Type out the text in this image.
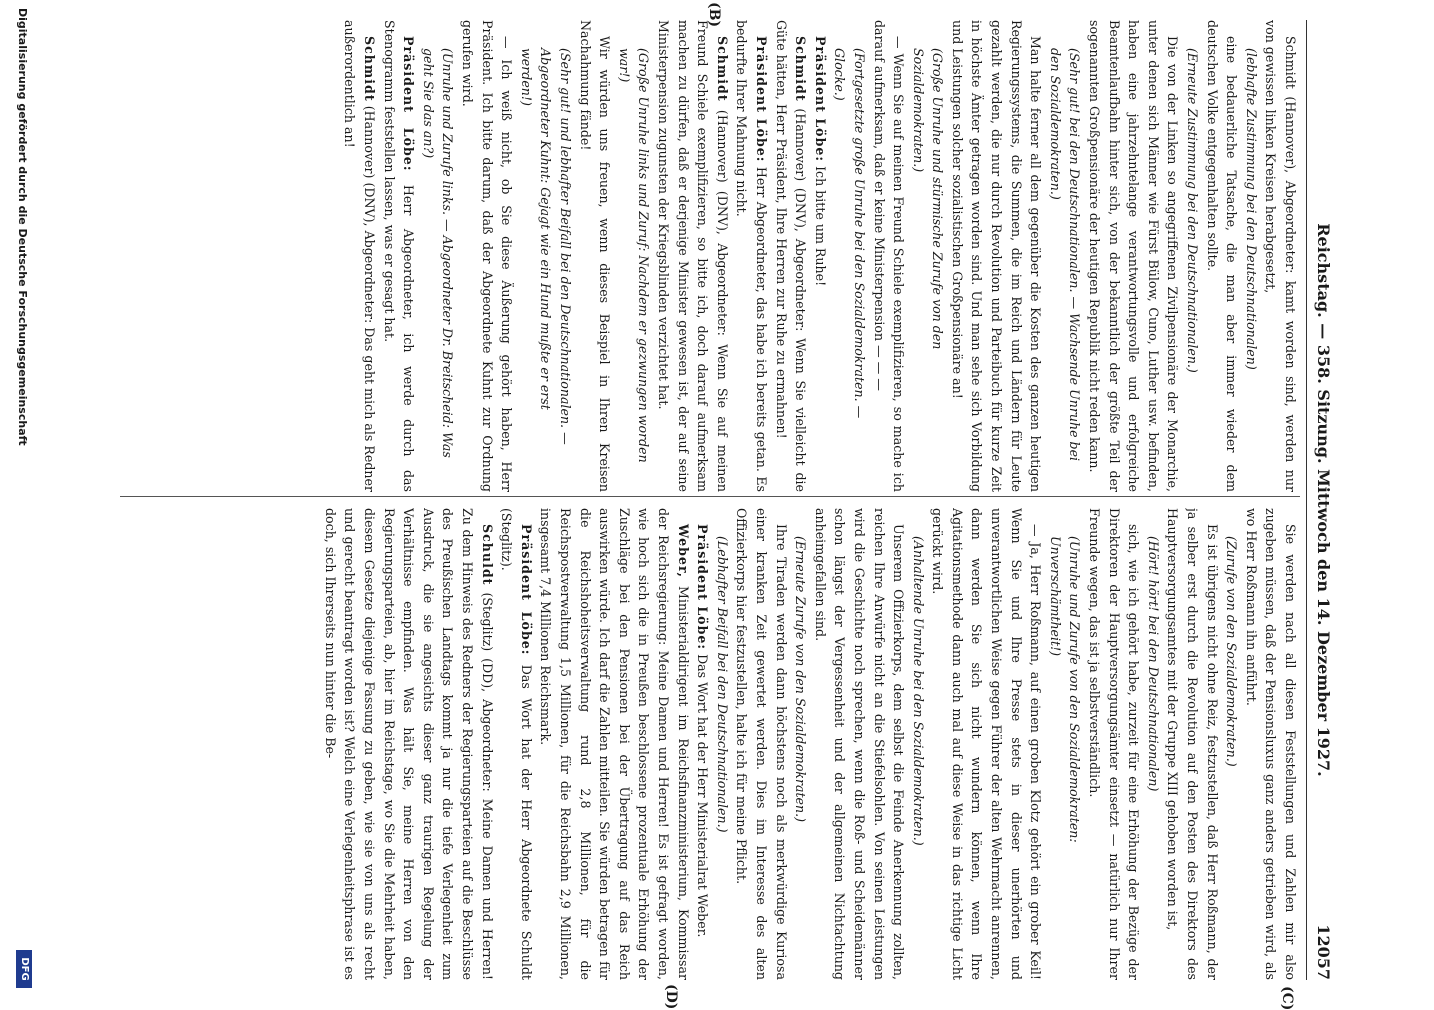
Reichstag. — 358. Sitzung. Mittwoch den 14. Dezember 1927.
12057
(C)
(B)
(D)

Schmidt (Hannover), Abgeordneter: kamt worden sind, werden nur von gewissen linken Kreisen herabgesetzt,

(lebhafte Zustimmung bei den Deutschnationalen)

eine bedauerliche Tatsache, die man aber immer wieder dem deutschen Volke entgegenhalten sollte.

(Erneute Zustimmung bei den Deutschnationalen.)

Die von der Linken so angegriffenen Zivilpensionäre der Monarchie, unter denen sich Männer wie Fürst Bülow, Cuno, Luther usw. befinden, haben eine jahrzehntelange verantwortungsvolle und erfolgreiche Beamtenlaufbahn hinter sich, von der bekanntlich der größte Teil der sogenannten Großpensionäre der heutigen Republik nicht reden kann.

(Sehr gut! bei den Deutschnationalen. — Wachsende Unruhe bei den Sozialdemokraten.)

Man halte ferner all dem gegenüber die Kosten des ganzen heutigen Regierungssystems, die Summen, die im Reich und Ländern für Leute gezahlt werden, die nur durch Revolution und Parteibuch für kurze Zeit in höchste Ämter getragen worden sind. Und man sehe sich Vorbildung und Leistungen solcher sozialistischen Großpensionäre an!

(Große Unruhe und stürmische Zurufe von den Sozialdemokraten.)

— Wenn Sie auf meinen Freund Schiele exemplifizieren, so mache ich darauf aufmerksam, daß er keine Ministerpension — — —

(Fortgesetzte große Unruhe bei den Sozialdemokraten. — Glocke.)

Präsident Löbe: Ich bitte um Ruhe!

Schmidt (Hannover) (DNV), Abgeordneter: Wenn Sie vielleicht die Güte hätten, Herr Präsident, Ihre Herren zur Ruhe zu ermahnen!

Präsident Löbe: Herr Abgeordneter, das habe ich bereits getan. Es bedurfte Ihrer Mahnung nicht.

Schmidt (Hannover) (DNV), Abgeordneter: Wenn Sie auf meinen Freund Schiele exemplifizieren, so bitte ich, doch darauf aufmerksam machen zu dürfen, daß er derjenige Minister gewesen ist, der auf seine Ministerpension zugunsten der Kriegsblinden verzichtet hat.

(Große Unruhe links und Zuruf: Nachdem er gezwungen worden war!)

Wir würden uns freuen, wenn dieses Beispiel in Ihren Kreisen Nachahmung fände!

(Sehr gut! und lebhafter Beifall bei den Deutschnationalen. — Abgeordneter Kuhnt: Gejagt wie ein Hund mußte er erst werden!)

— Ich weiß nicht, ob Sie diese Äußerung gehört haben, Herr Präsident. Ich bitte darum, daß der Abgeordnete Kuhnt zur Ordnung gerufen wird.

(Unruhe und Zurufe links. — Abgeordneter Dr. Breitscheid: Was geht Sie das an?)

Präsident Löbe: Herr Abgeordneter, ich werde durch das Stenogramm feststellen lassen, was er gesagt hat.

Schmidt (Hannover) (DNV), Abgeordneter: Das geht mich als Redner außerordentlich an!

Sie werden nach all diesen Feststellungen und Zahlen mir also zugeben müssen, daß der Pensionsluxus ganz anders getrieben wird, als wo Herr Roßmann ihn anführt.

(Zurufe von den Sozialdemokraten.)

Es ist übrigens nicht ohne Reiz, festzustellen, daß Herr Roßmann, der ja selber erst durch die Revolution auf den Posten des Direktors des Hauptversorgungsamtes mit der Gruppe XIII gehoben worden ist,

(Hört! hört! bei den Deutschnationalen)

sich, wie ich gehört habe, zurzeit für eine Erhöhung der Bezüge der Direktoren der Hauptversorgungsämter einsetzt — natürlich nur Ihrer Freunde wegen, das ist ja selbstverständlich.

(Unruhe und Zurufe von den Sozialdemokraten: Unverschämtheit!)

— Ja, Herr Roßmann, auf einen groben Klotz gehört ein grober Keil! Wenn Sie und Ihre Presse stets in dieser unerhörten und unverantwortlichen Weise gegen Führer der alten Wehrmacht anrennen, dann werden Sie sich nicht wundern können, wenn Ihre Agitationsmethode dann auch mal auf diese Weise in das richtige Licht gerückt wird.

(Anhaltende Unruhe bei den Sozialdemokraten.)

Unserem Offizierkorps, dem selbst die Feinde Anerkennung zollten, reichen Ihre Anwürfe nicht an die Stiefelsohlen. Von seinen Leistungen wird die Geschichte noch sprechen, wenn die Roß- und Scheidemänner schon längst der Vergessenheit und der allgemeinen Nichtachtung anheimgefallen sind.

(Erneute Zurufe von den Sozialdemokraten.)

Ihre Tiraden werden dann höchstens noch als merkwürdige Kuriosa einer kranken Zeit gewertet werden. Dies im Interesse des alten Offizierkorps hier festzustellen, halte ich für meine Pflicht.

(Lebhafter Beifall bei den Deutschnationalen.)

Präsident Löbe: Das Wort hat der Herr Ministerialrat Weber.

Weber, Ministerialdirigent im Reichsfinanzministerium, Kommissar der Reichsregierung: Meine Damen und Herren! Es ist gefragt worden, wie hoch sich die in Preußen beschlossene prozentuale Erhöhung der Zuschläge bei den Pensionen bei der Übertragung auf das Reich auswirken würde. Ich darf die Zahlen mitteilen. Sie würden betragen für die Reichshoheitsverwaltung rund 2,8 Millionen, für die Reichspostverwaltung 1,5 Millionen, für die Reichsbahn 2,9 Millionen, insgesamt 7,4 Millionen Reichsmark.

Präsident Löbe: Das Wort hat der Herr Abgeordnete Schuldt (Steglitz).

Schuldt (Steglitz) (DD), Abgeordneter: Meine Damen und Herren! Zu dem Hinweis des Redners der Regierungsparteien auf die Beschlüsse des Preußischen Landtags kommt ja nur die tiefe Verlegenheit zum Ausdruck, die sie angesichts dieser ganz traurigen Regelung der Verhältnisse empfinden. Was hält Sie, meine Herren von den Regierungsparteien, ab, hier im Reichstage, wo Sie die Mehrheit haben, diesem Gesetze diejenige Fassung zu geben, wie sie von uns als recht und gerecht beantragt worden ist? Welch eine Verlegenheitsphrase ist es doch, sich Ihrerseits nun hinter die Be-

Digitalisierung gefördert durch die Deutsche Forschungsgemeinschaft
DFG
